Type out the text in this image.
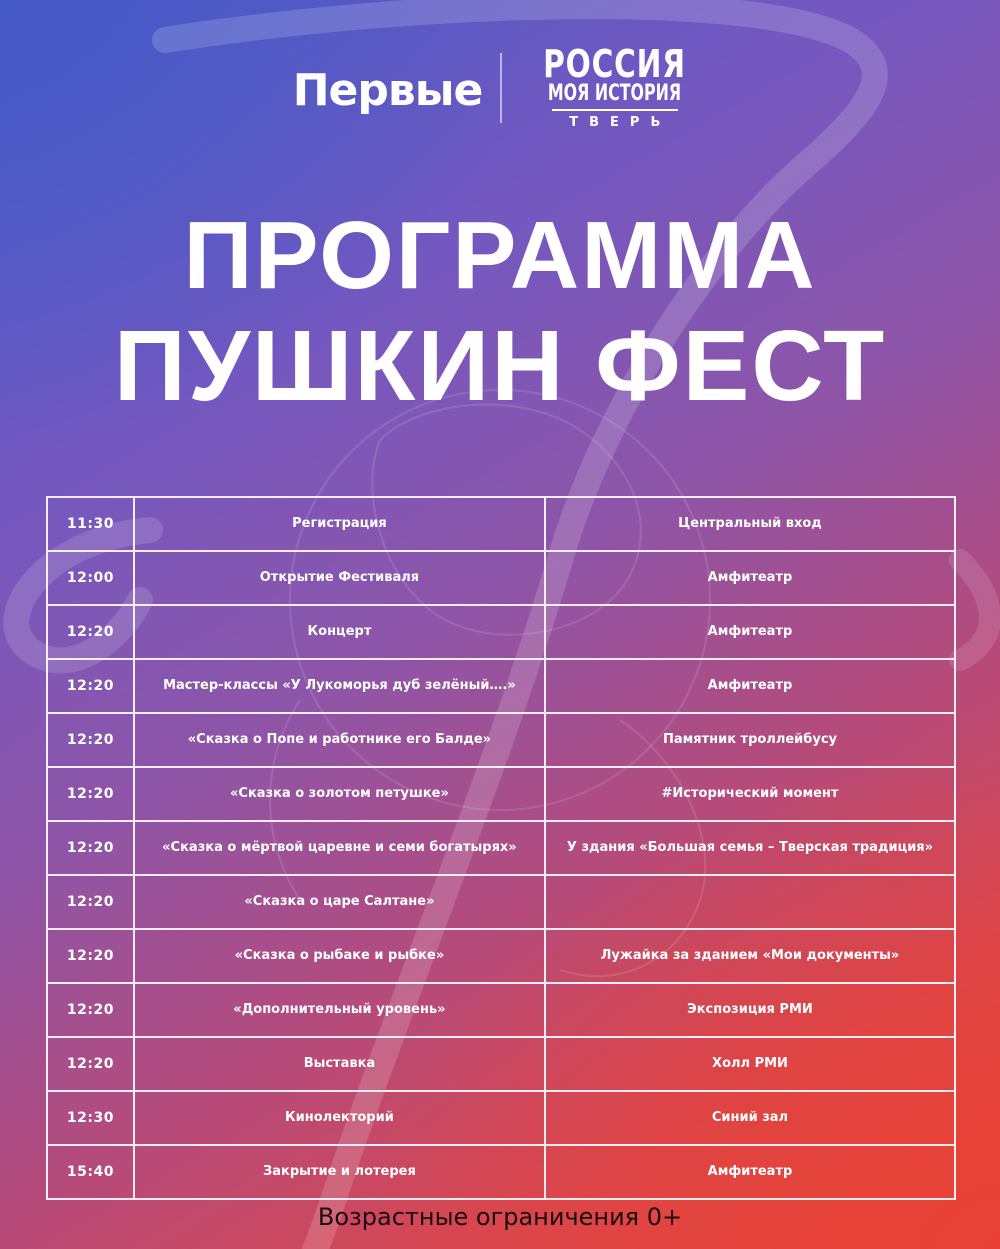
Первые
РОССИЯ
МОЯ ИСТОРИЯ
ТВЕРЬ
ПРОГРАММА
ПУШКИН ФЕСТ
11:30	Регистрация	Центральный вход
12:00	Открытие Фестиваля	Амфитеатр
12:20	Концерт	Амфитеатр
12:20	Мастер-классы «У Лукоморья дуб зелёный….»	Амфитеатр
12:20	«Сказка о Попе и работнике его Балде»	Памятник троллейбусу
12:20	«Сказка о золотом петушке»	#Исторический момент
12:20	«Сказка о мёртвой царевне и семи богатырях»	У здания «Большая семья – Тверская традиция»
12:20	«Сказка о царе Салтане»	
12:20	«Сказка о рыбаке и рыбке»	Лужайка за зданием «Мои документы»
12:20	«Дополнительный уровень»	Экспозиция РМИ
12:20	Выставка	Холл РМИ
12:30	Кинолекторий	Синий зал
15:40	Закрытие и лотерея	Амфитеатр
Возрастные ограничения 0+
